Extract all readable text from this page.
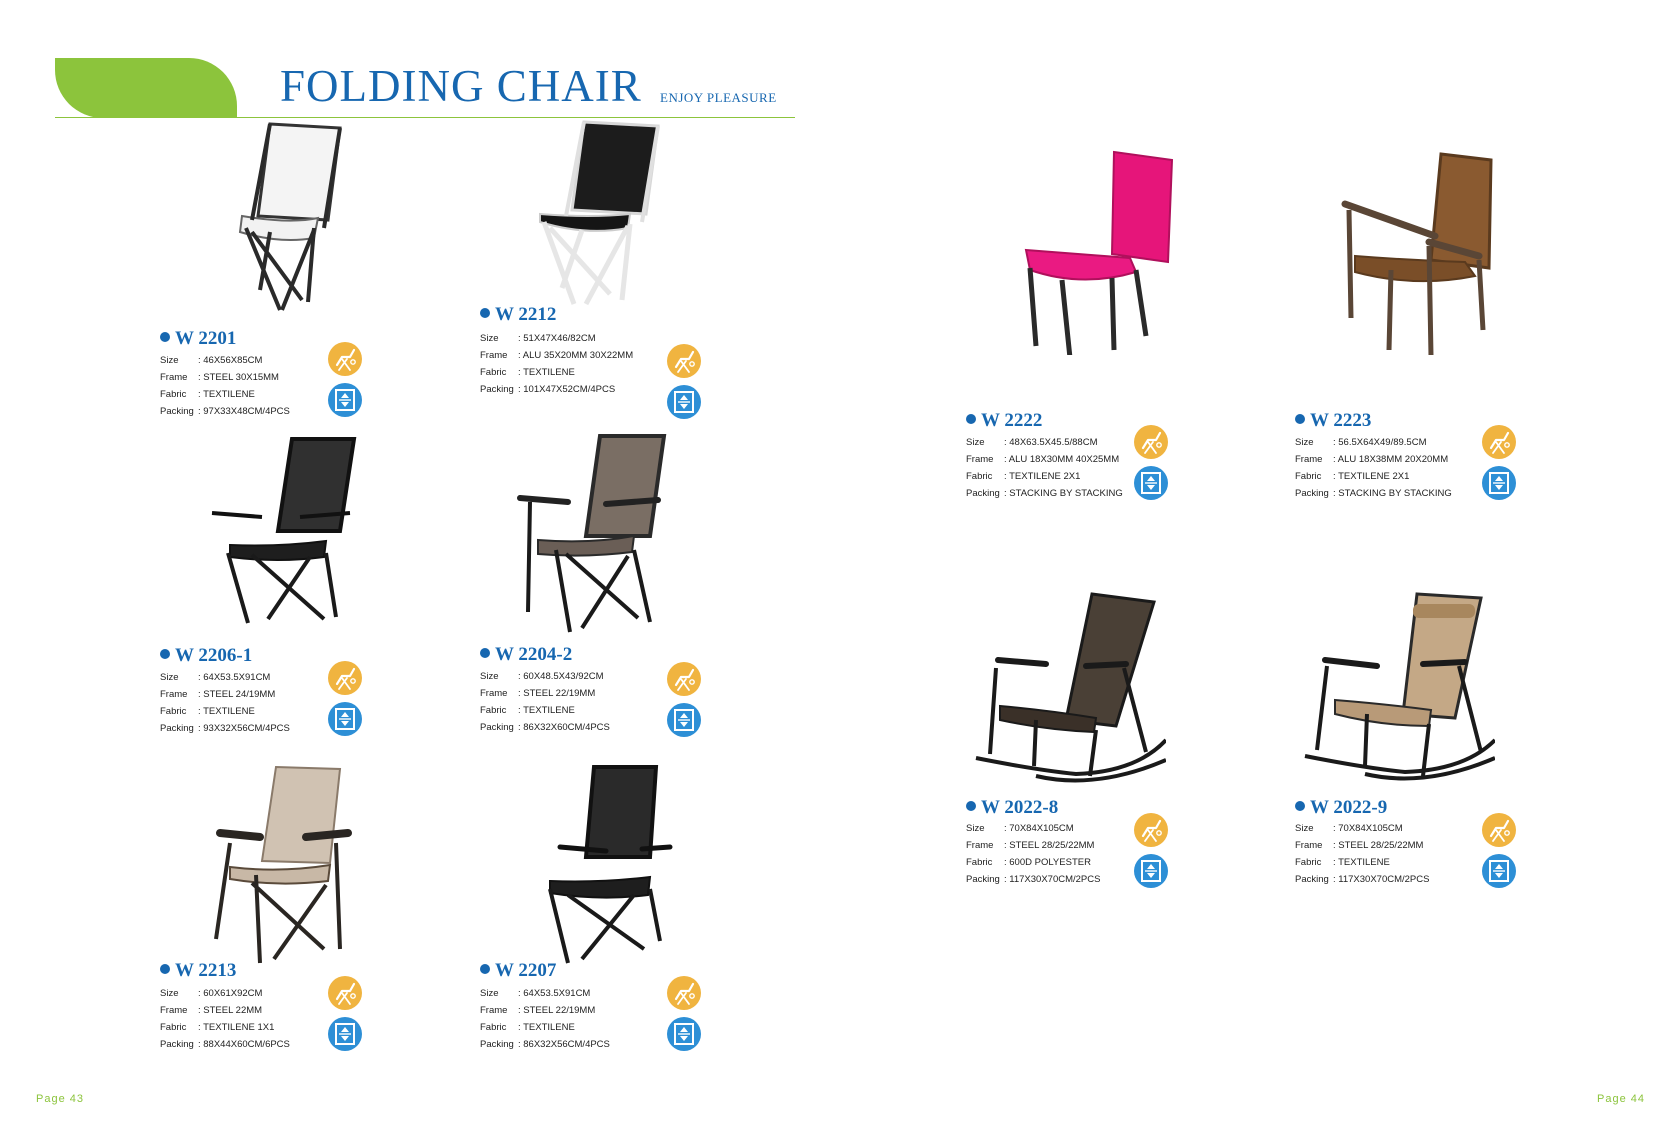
FOLDING CHAIR ENJOY PLEASURE
Page 43	Page 44
W 2201
Size : 46X56X85CM
Frame : STEEL 30X15MM
Fabric : TEXTILENE
Packing : 97X33X48CM/4PCS
W 2212
Size : 51X47X46/82CM
Frame : ALU 35X20MM 30X22MM
Fabric : TEXTILENE
Packing : 101X47X52CM/4PCS
W 2206-1
Size : 64X53.5X91CM
Frame : STEEL 24/19MM
Fabric : TEXTILENE
Packing : 93X32X56CM/4PCS
W 2204-2
Size : 60X48.5X43/92CM
Frame : STEEL 22/19MM
Fabric : TEXTILENE
Packing : 86X32X60CM/4PCS
W 2213
Size : 60X61X92CM
Frame : STEEL 22MM
Fabric : TEXTILENE 1X1
Packing : 88X44X60CM/6PCS
W 2207
Size : 64X53.5X91CM
Frame : STEEL 22/19MM
Fabric : TEXTILENE
Packing : 86X32X56CM/4PCS
W 2222
Size : 48X63.5X45.5/88CM
Frame : ALU 18X30MM 40X25MM
Fabric : TEXTILENE 2X1
Packing : STACKING BY STACKING
W 2223
Size : 56.5X64X49/89.5CM
Frame : ALU 18X38MM 20X20MM
Fabric : TEXTILENE 2X1
Packing : STACKING BY STACKING
W 2022-8
Size : 70X84X105CM
Frame : STEEL 28/25/22MM
Fabric : 600D POLYESTER
Packing : 117X30X70CM/2PCS
W 2022-9
Size : 70X84X105CM
Frame : STEEL 28/25/22MM
Fabric : TEXTILENE
Packing : 117X30X70CM/2PCS
